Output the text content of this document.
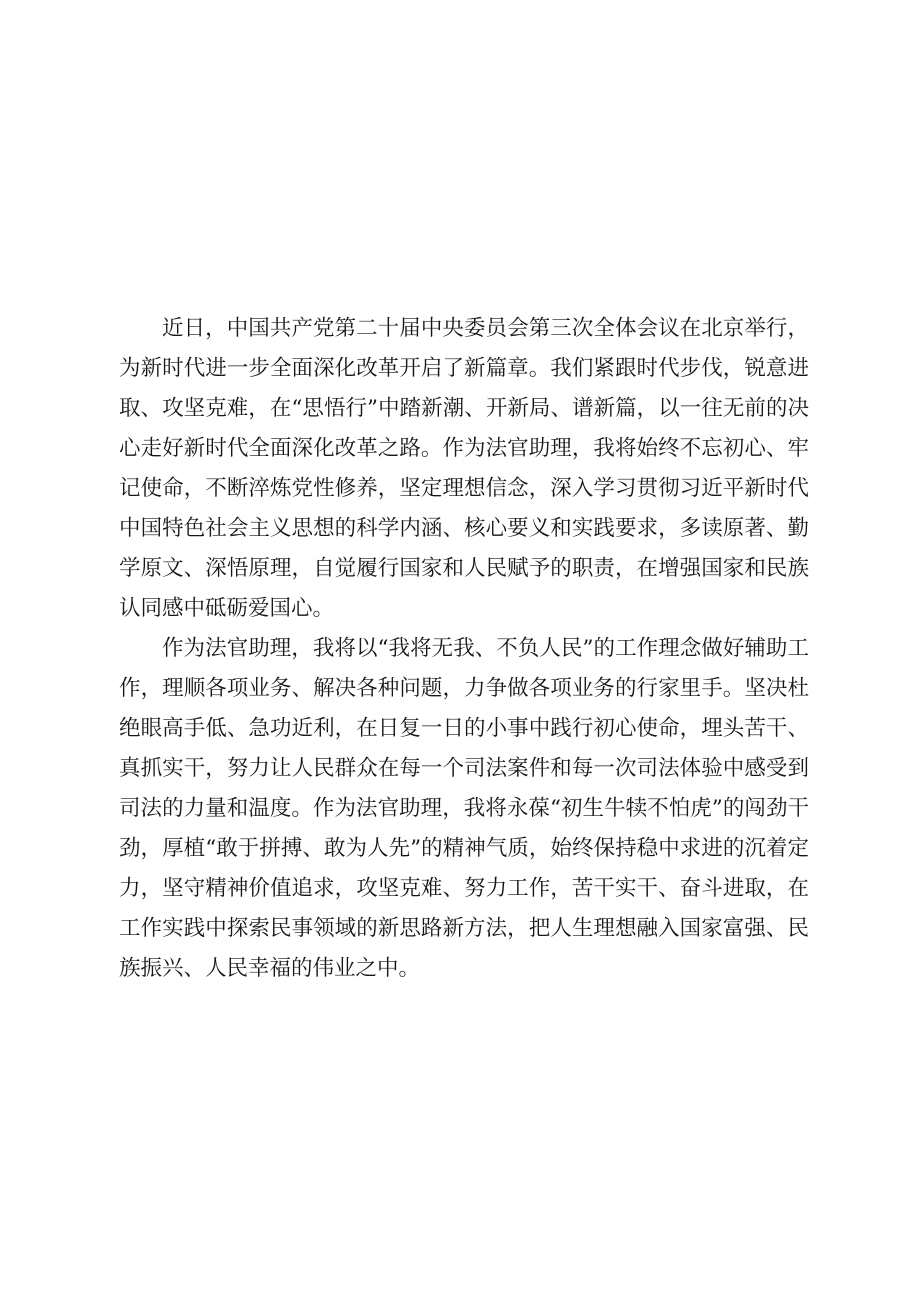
近日，中国共产党第二十届中央委员会第三次全体会议在北京举行，为新时代进一步全面深化改革开启了新篇章。我们紧跟时代步伐，锐意进取、攻坚克难，在“思悟行”中踏新潮、开新局、谱新篇，以一往无前的决心走好新时代全面深化改革之路。作为法官助理，我将始终不忘初心、牢记使命，不断淬炼党性修养，坚定理想信念，深入学习贯彻习近平新时代中国特色社会主义思想的科学内涵、核心要义和实践要求，多读原著、勤学原文、深悟原理，自觉履行国家和人民赋予的职责，在增强国家和民族认同感中砥砺爱国心。

作为法官助理，我将以“我将无我、不负人民”的工作理念做好辅助工作，理顺各项业务、解决各种问题，力争做各项业务的行家里手。坚决杜绝眼高手低、急功近利，在日复一日的小事中践行初心使命，埋头苦干、真抓实干，努力让人民群众在每一个司法案件和每一次司法体验中感受到司法的力量和温度。作为法官助理，我将永葆“初生牛犊不怕虎”的闯劲干劲，厚植“敢于拼搏、敢为人先”的精神气质，始终保持稳中求进的沉着定力，坚守精神价值追求，攻坚克难、努力工作，苦干实干、奋斗进取，在工作实践中探索民事领域的新思路新方法，把人生理想融入国家富强、民族振兴、人民幸福的伟业之中。
